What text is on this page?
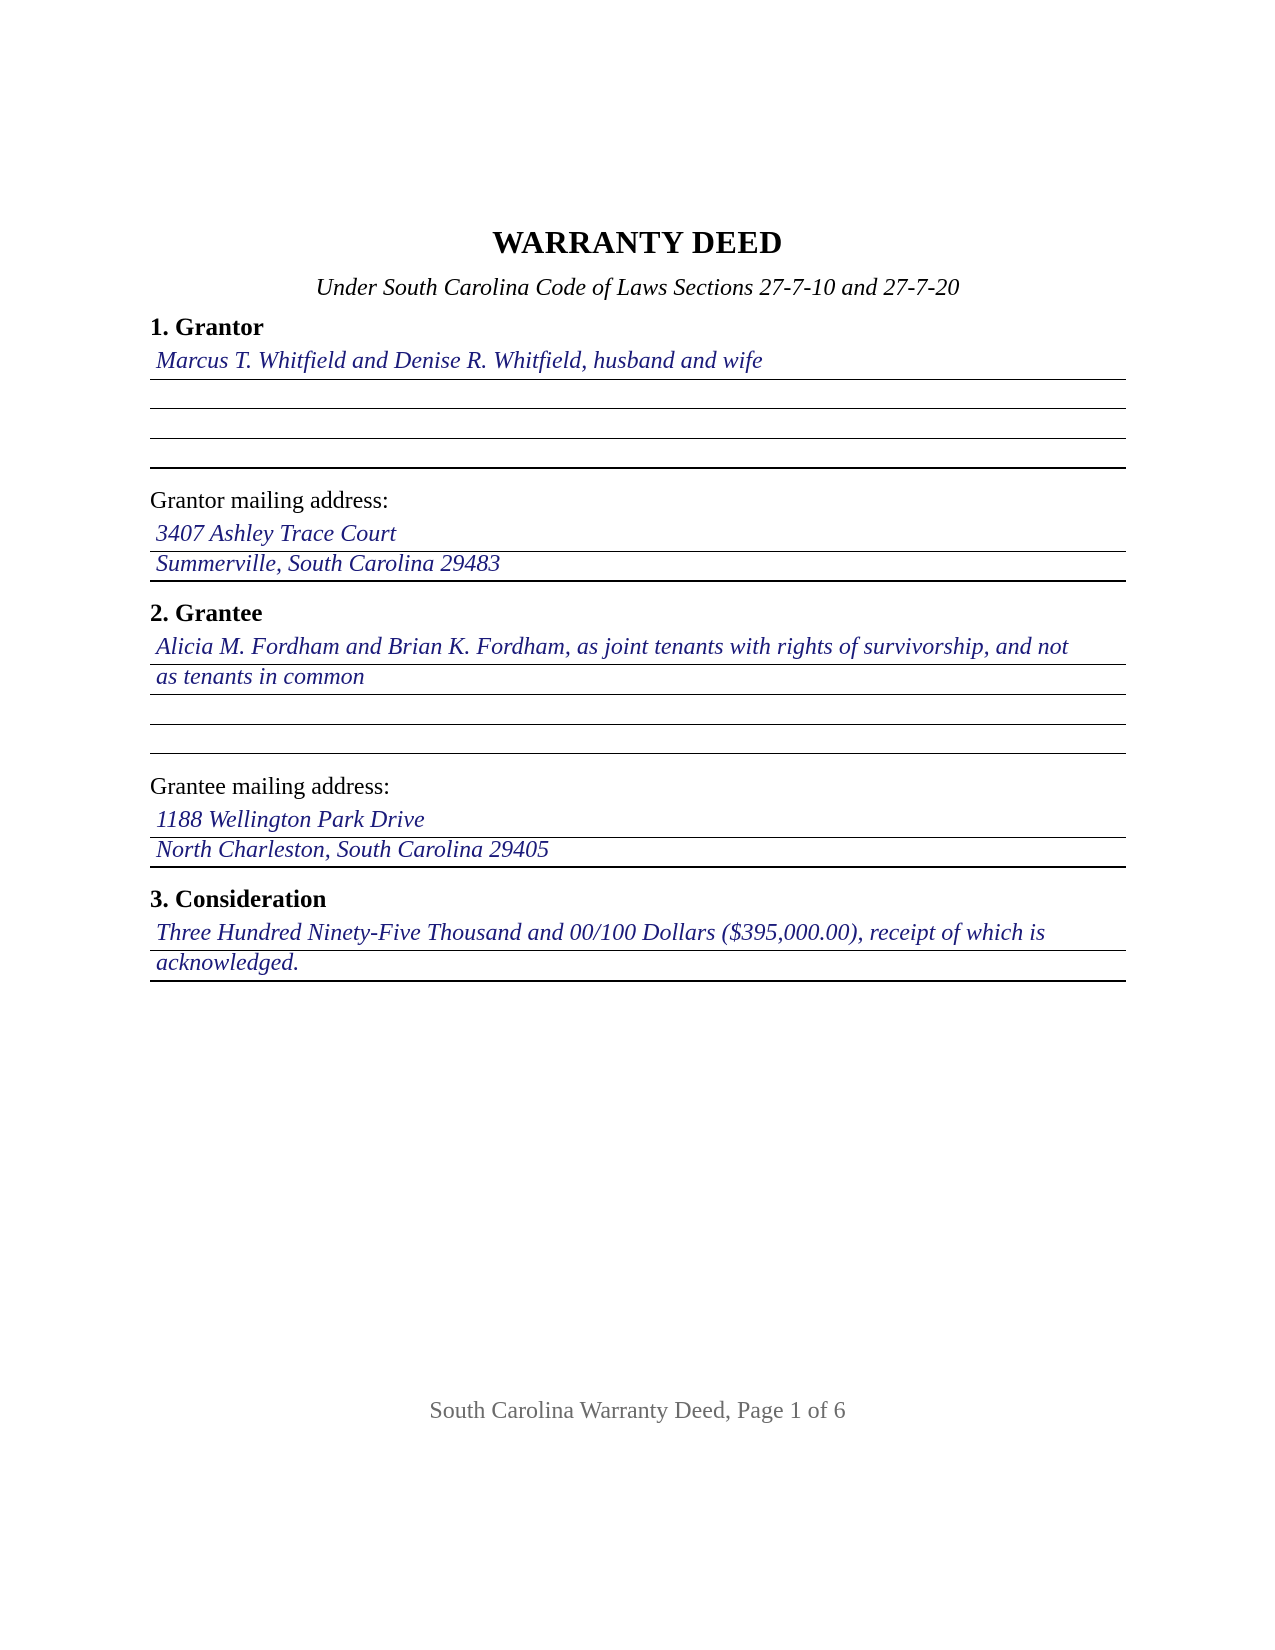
WARRANTY DEED
Under South Carolina Code of Laws Sections 27-7-10 and 27-7-20
1. Grantor
Marcus T. Whitfield and Denise R. Whitfield, husband and wife
Grantor mailing address:
3407 Ashley Trace Court
Summerville, South Carolina 29483
2. Grantee
Alicia M. Fordham and Brian K. Fordham, as joint tenants with rights of survivorship, and not
as tenants in common
Grantee mailing address:
1188 Wellington Park Drive
North Charleston, South Carolina 29405
3. Consideration
Three Hundred Ninety-Five Thousand and 00/100 Dollars ($395,000.00), receipt of which is
acknowledged.
South Carolina Warranty Deed, Page 1 of 6
